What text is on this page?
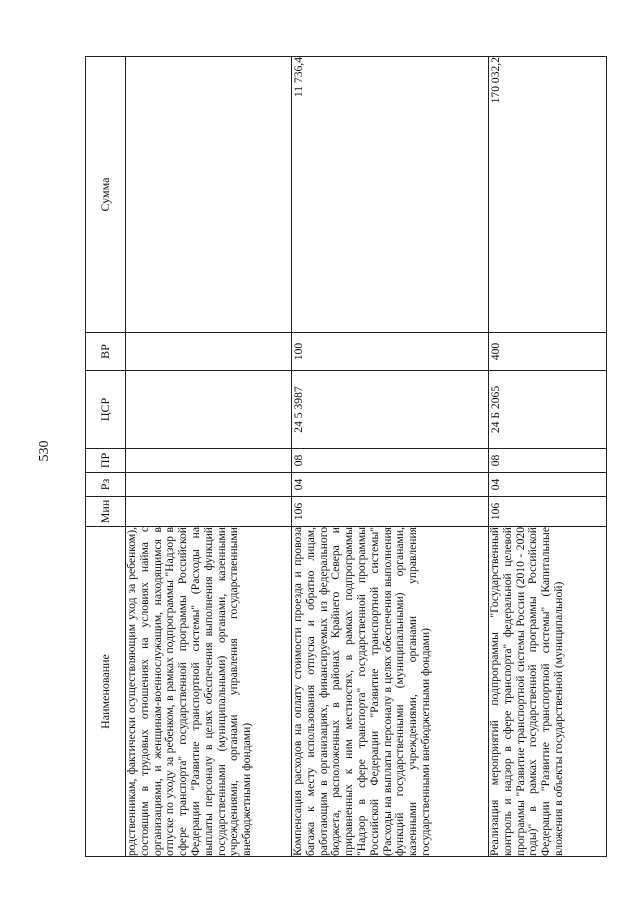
530
Наименование	Мин	Рз	ПР	ЦСР	ВР	Сумма
родственникам, фактически осуществляющим уход за ребенком), состоящим в трудовых отношениях на условиях найма с организациями, и женщинам-военнослужащим, находящимся в отпуске по уходу за ребенком, в рамках подпрограммы "Надзор в сфере транспорта" государственной программы Российской Федерации "Развитие транспортной системы" (Расходы на выплаты персоналу в целях обеспечения выполнения функций государственными (муниципальными) органами, казенными учреждениями, органами управления государственными внебюджетными фондами)						
Компенсация расходов на оплату стоимости проезда и провоза багажа к месту использования отпуска и обратно лицам, работающим в организациях, финансируемых из федерального бюджета, расположенных в районах Крайнего Севера и приравненных к ним местностях, в рамках подпрограммы "Надзор в сфере транспорта" государственной программы Российской Федерации "Развитие транспортной системы" (Расходы на выплаты персоналу в целях обеспечения выполнения функций государственными (муниципальными) органами, казенными учреждениями, органами управления государственными внебюджетными фондами)	106	04	08	24 5 3987	100	11 736,4
Реализация мероприятий подпрограммы "Государственный контроль и надзор в сфере транспорта" федеральной целевой программы "Развитие транспортной системы России (2010 - 2020 годы)" в рамках государственной программы Российской Федерации "Развитие транспортной системы" (Капитальные вложения в объекты государственной (муниципальной)	106	04	08	24 Б 2065	400	170 032,2
